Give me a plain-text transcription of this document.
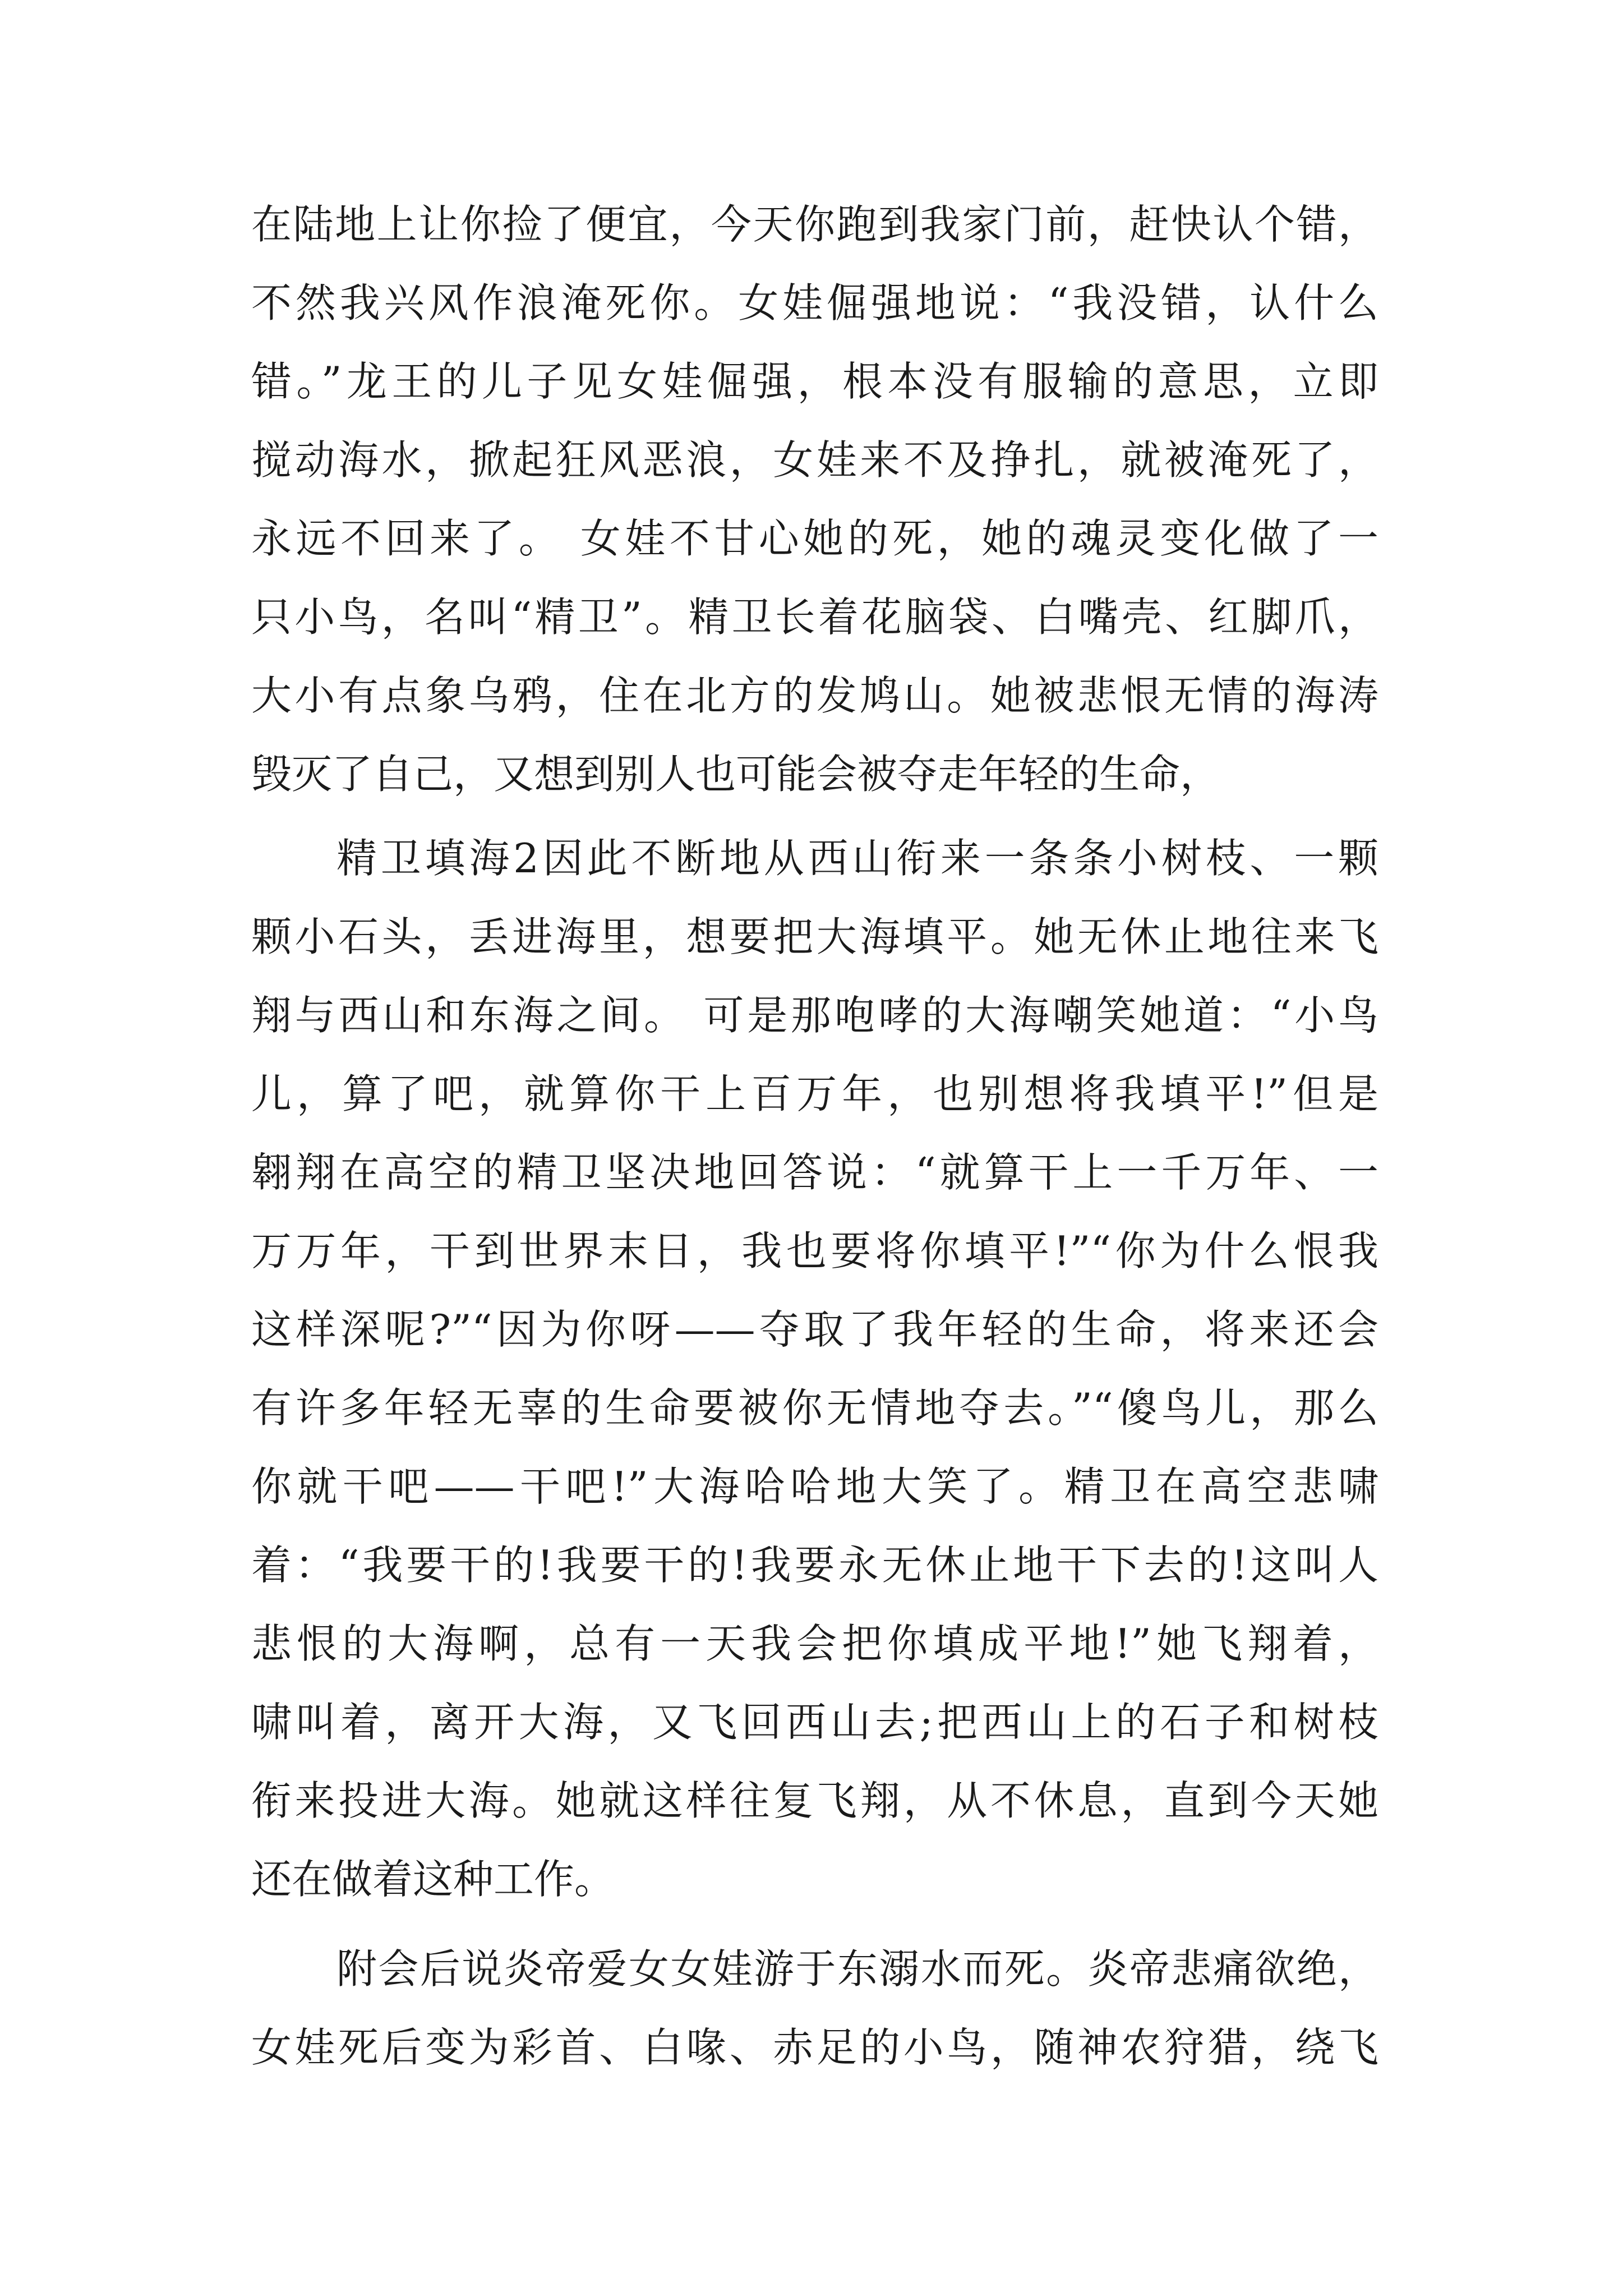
在陆地上让你捡了便宜，今天你跑到我家门前，赶快认个错，
不然我兴风作浪淹死你。女娃倔强地说：“我没错，认什么
错。”龙王的儿子见女娃倔强，根本没有服输的意思，立即
搅动海水，掀起狂风恶浪，女娃来不及挣扎，就被淹死了，
永远不回来了。 女娃不甘心她的死，她的魂灵变化做了一
只小鸟，名叫“精卫”。精卫长着花脑袋、白嘴壳、红脚爪，
大小有点象乌鸦，住在北方的发鸠山。她被悲恨无情的海涛
毁灭了自己，又想到别人也可能会被夺走年轻的生命，
精卫填海2因此不断地从西山衔来一条条小树枝、一颗
颗小石头，丢进海里，想要把大海填平。她无休止地往来飞
翔与西山和东海之间。 可是那咆哮的大海嘲笑她道：“小鸟
儿，算了吧，就算你干上百万年，也别想将我填平!”但是
翱翔在高空的精卫坚决地回答说：“就算干上一千万年、一
万万年，干到世界末日，我也要将你填平!”“你为什么恨我
这样深呢?”“因为你呀——夺取了我年轻的生命，将来还会
有许多年轻无辜的生命要被你无情地夺去。”“傻鸟儿，那么
你就干吧——干吧!”大海哈哈地大笑了。精卫在高空悲啸
着：“我要干的!我要干的!我要永无休止地干下去的!这叫人
悲恨的大海啊，总有一天我会把你填成平地!”她飞翔着，
啸叫着，离开大海，又飞回西山去;把西山上的石子和树枝
衔来投进大海。她就这样往复飞翔，从不休息，直到今天她
还在做着这种工作。
附会后说炎帝爱女女娃游于东溺水而死。炎帝悲痛欲绝，
女娃死后变为彩首、白喙、赤足的小鸟，随神农狩猎，绕飞
